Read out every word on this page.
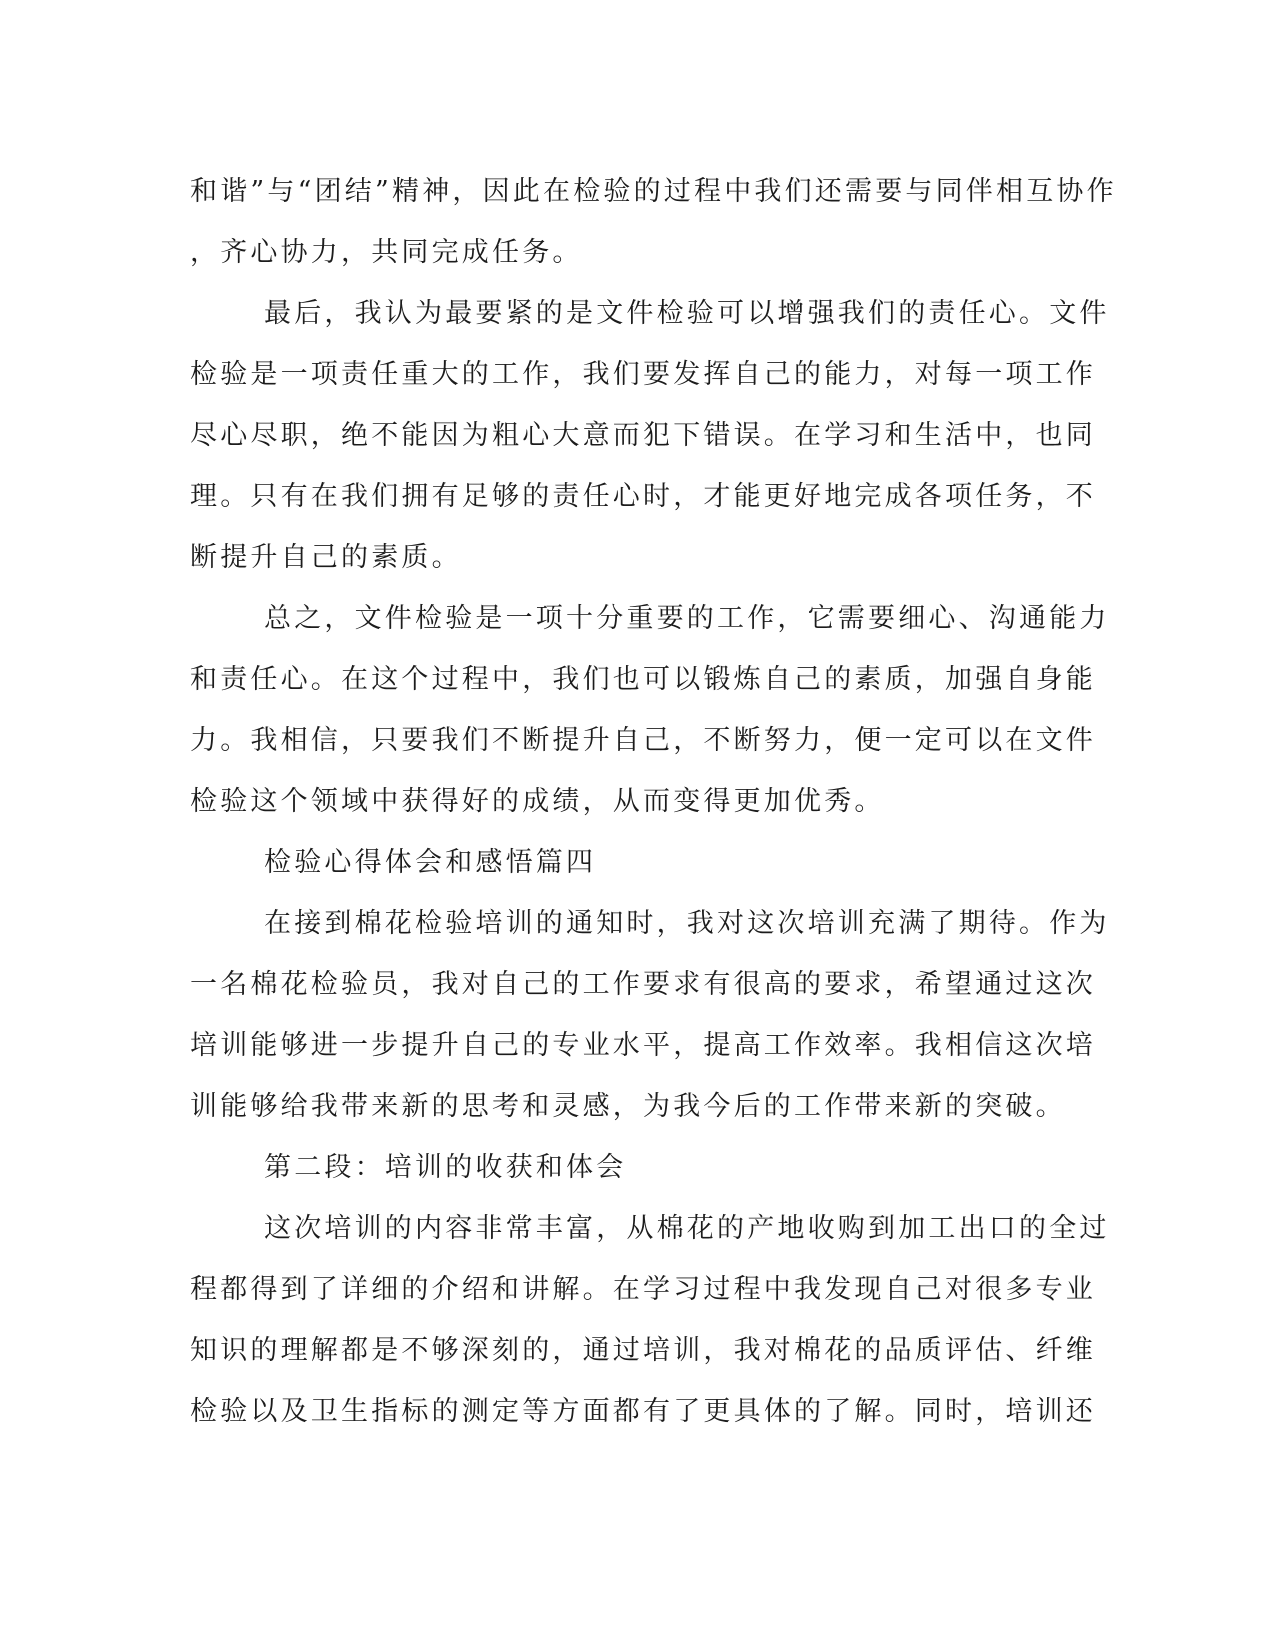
和谐”与“团结”精神，因此在检验的过程中我们还需要与同伴相互协作
，齐心协力，共同完成任务。
最后，我认为最要紧的是文件检验可以增强我们的责任心。文件
检验是一项责任重大的工作，我们要发挥自己的能力，对每一项工作
尽心尽职，绝不能因为粗心大意而犯下错误。在学习和生活中，也同
理。只有在我们拥有足够的责任心时，才能更好地完成各项任务，不
断提升自己的素质。
总之，文件检验是一项十分重要的工作，它需要细心、沟通能力
和责任心。在这个过程中，我们也可以锻炼自己的素质，加强自身能
力。我相信，只要我们不断提升自己，不断努力，便一定可以在文件
检验这个领域中获得好的成绩，从而变得更加优秀。
检验心得体会和感悟篇四
在接到棉花检验培训的通知时，我对这次培训充满了期待。作为
一名棉花检验员，我对自己的工作要求有很高的要求，希望通过这次
培训能够进一步提升自己的专业水平，提高工作效率。我相信这次培
训能够给我带来新的思考和灵感，为我今后的工作带来新的突破。
第二段：培训的收获和体会
这次培训的内容非常丰富，从棉花的产地收购到加工出口的全过
程都得到了详细的介绍和讲解。在学习过程中我发现自己对很多专业
知识的理解都是不够深刻的，通过培训，我对棉花的品质评估、纤维
检验以及卫生指标的测定等方面都有了更具体的了解。同时，培训还
